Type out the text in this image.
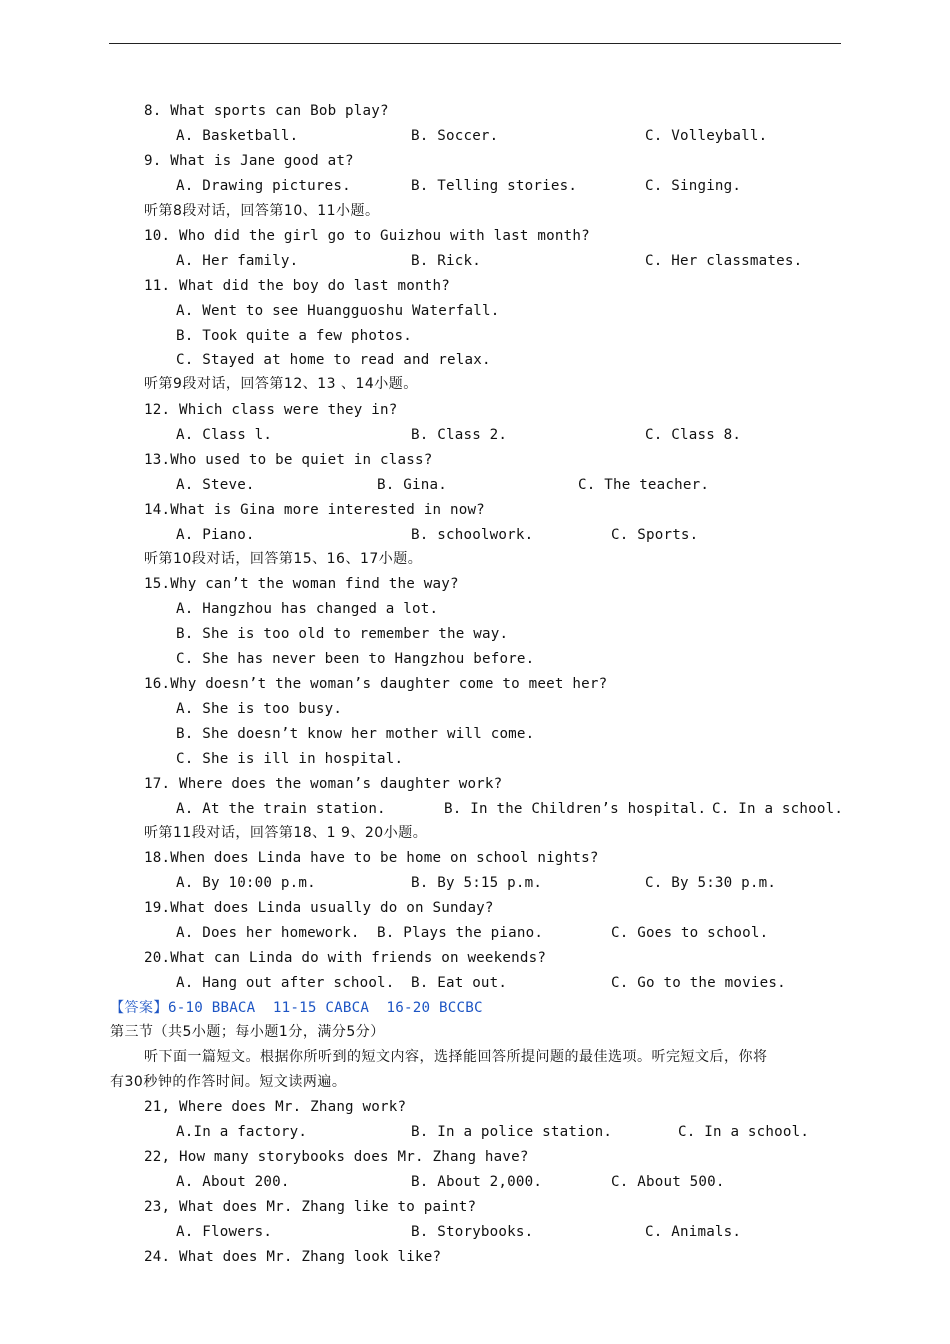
8. What sports can Bob play?
A. Basketball.	B. Soccer.	C. Volleyball.
9. What is Jane good at?
A. Drawing pictures.	B. Telling stories.	C. Singing.
听第8段对话，回答第10、11小题。
10. Who did the girl go to Guizhou with last month?
A. Her family.	B. Rick.	C. Her classmates.
11. What did the boy do last month?
A. Went to see Huangguoshu Waterfall.
B. Took quite a few photos.
C. Stayed at home to read and relax.
听第9段对话，回答第12、13 、14小题。
12. Which class were they in?
A. Class l.	B. Class 2.	C. Class 8.
13.Who used to be quiet in class?
A. Steve.	B. Gina.	C. The teacher.
14.What is Gina more interested in now?
A. Piano.	B. schoolwork.	C. Sports.
听第10段对话，回答第15、16、17小题。
15.Why can’t the woman find the way?
A. Hangzhou has changed a lot.
B. She is too old to remember the way.
C. She has never been to Hangzhou before.
16.Why doesn’t the woman’s daughter come to meet her?
A. She is too busy.
B. She doesn’t know her mother will come.
C. She is ill in hospital.
17. Where does the woman’s daughter work?
A. At the train station.	B. In the Children’s hospital. C. In a school.
听第11段对话，回答第18、1 9、20小题。
18.When does Linda have to be home on school nights?
A. By 10:00 p.m.	B. By 5:15 p.m.	C. By 5:30 p.m.
19.What does Linda usually do on Sunday?
A. Does her homework. B. Plays the piano.	C. Goes to school.
20.What can Linda do with friends on weekends?
A. Hang out after school. B. Eat out.	C. Go to the movies.
【答案】6-10 BBACA  11-15 CABCA  16-20 BCCBC
第三节（共5小题；每小题1分，满分5分）
听下面一篇短文。根据你所听到的短文内容，选择能回答所提问题的最佳选项。听完短文后，你将
有30秒钟的作答时间。短文读两遍。
21, Where does Mr. Zhang work?
A.In a factory.	B. In a police station.	C. In a school.
22, How many storybooks does Mr. Zhang have?
A. About 200.	B. About 2,000.	C. About 500.
23, What does Mr. Zhang like to paint?
A. Flowers.	B. Storybooks.	C. Animals.
24. What does Mr. Zhang look like?
